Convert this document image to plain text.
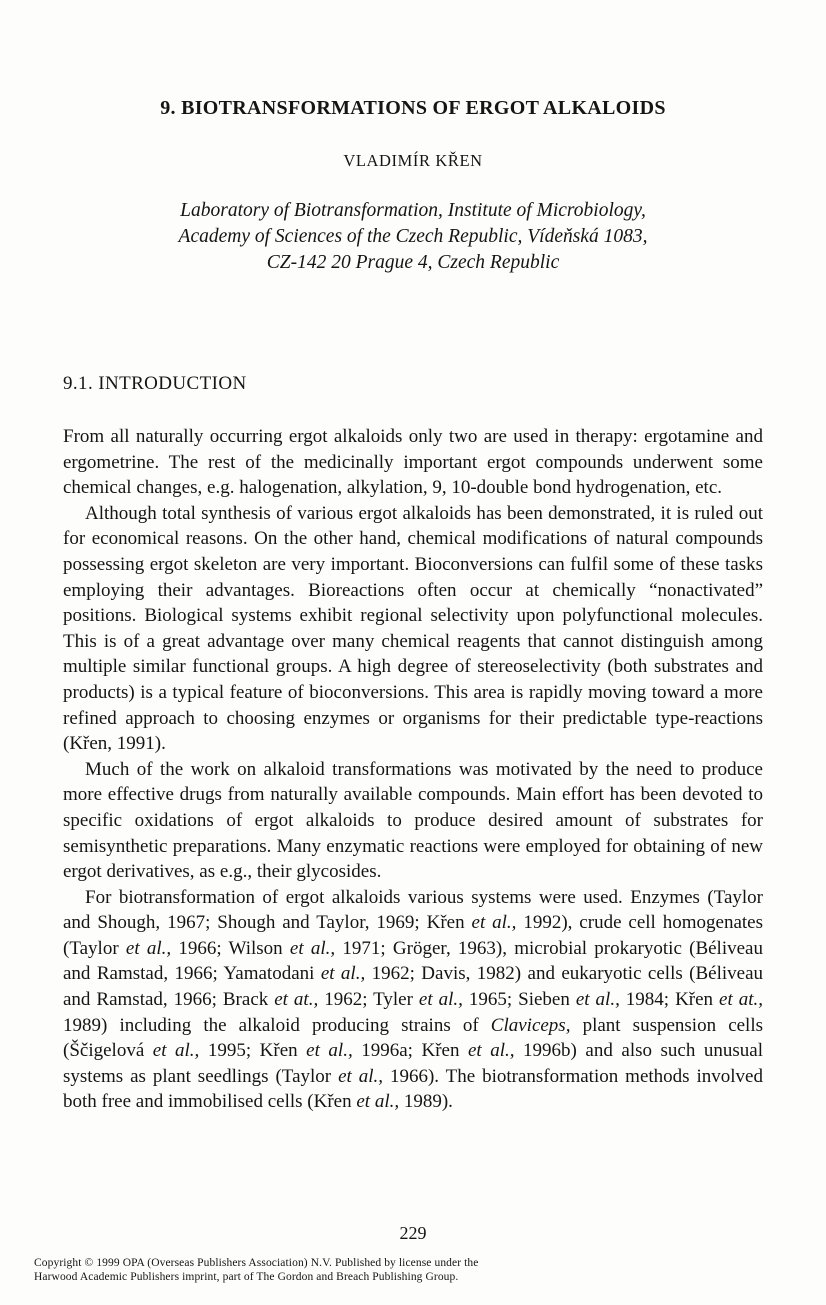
9. BIOTRANSFORMATIONS OF ERGOT ALKALOIDS
VLADIMÍR KŘEN
Laboratory of Biotransformation, Institute of Microbiology,
Academy of Sciences of the Czech Republic, Vídeňská 1083,
CZ-142 20 Prague 4, Czech Republic
9.1. INTRODUCTION

From all naturally occurring ergot alkaloids only two are used in therapy: ergotamine and ergometrine. The rest of the medicinally important ergot compounds underwent some chemical changes, e.g. halogenation, alkylation, 9, 10-double bond hydrogenation, etc.

Although total synthesis of various ergot alkaloids has been demonstrated, it is ruled out for economical reasons. On the other hand, chemical modifications of natural compounds possessing ergot skeleton are very important. Bioconversions can fulfil some of these tasks employing their advantages. Bioreactions often occur at chemically “nonactivated” positions. Biological systems exhibit regional selectivity upon polyfunctional molecules. This is of a great advantage over many chemical reagents that cannot distinguish among multiple similar functional groups. A high degree of stereoselectivity (both substrates and products) is a typical feature of bioconversions. This area is rapidly moving toward a more refined approach to choosing enzymes or organisms for their predictable type-reactions (Křen, 1991).

Much of the work on alkaloid transformations was motivated by the need to produce more effective drugs from naturally available compounds. Main effort has been devoted to specific oxidations of ergot alkaloids to produce desired amount of substrates for semisynthetic preparations. Many enzymatic reactions were employed for obtaining of new ergot derivatives, as e.g., their glycosides.

For biotransformation of ergot alkaloids various systems were used. Enzymes (Taylor and Shough, 1967; Shough and Taylor, 1969; Křen et al., 1992), crude cell homogenates (Taylor et al., 1966; Wilson et al., 1971; Gröger, 1963), microbial prokaryotic (Béliveau and Ramstad, 1966; Yamatodani et al., 1962; Davis, 1982) and eukaryotic cells (Béliveau and Ramstad, 1966; Brack et at., 1962; Tyler et al., 1965; Sieben et al., 1984; Křen et at., 1989) including the alkaloid producing strains of Claviceps, plant suspension cells (Ščigelová et al., 1995; Křen et al., 1996a; Křen et al., 1996b) and also such unusual systems as plant seedlings (Taylor et al., 1966). The biotransformation methods involved both free and immobilised cells (Křen et al., 1989).

229
Copyright © 1999 OPA (Overseas Publishers Association) N.V. Published by license under the
Harwood Academic Publishers imprint, part of The Gordon and Breach Publishing Group.
